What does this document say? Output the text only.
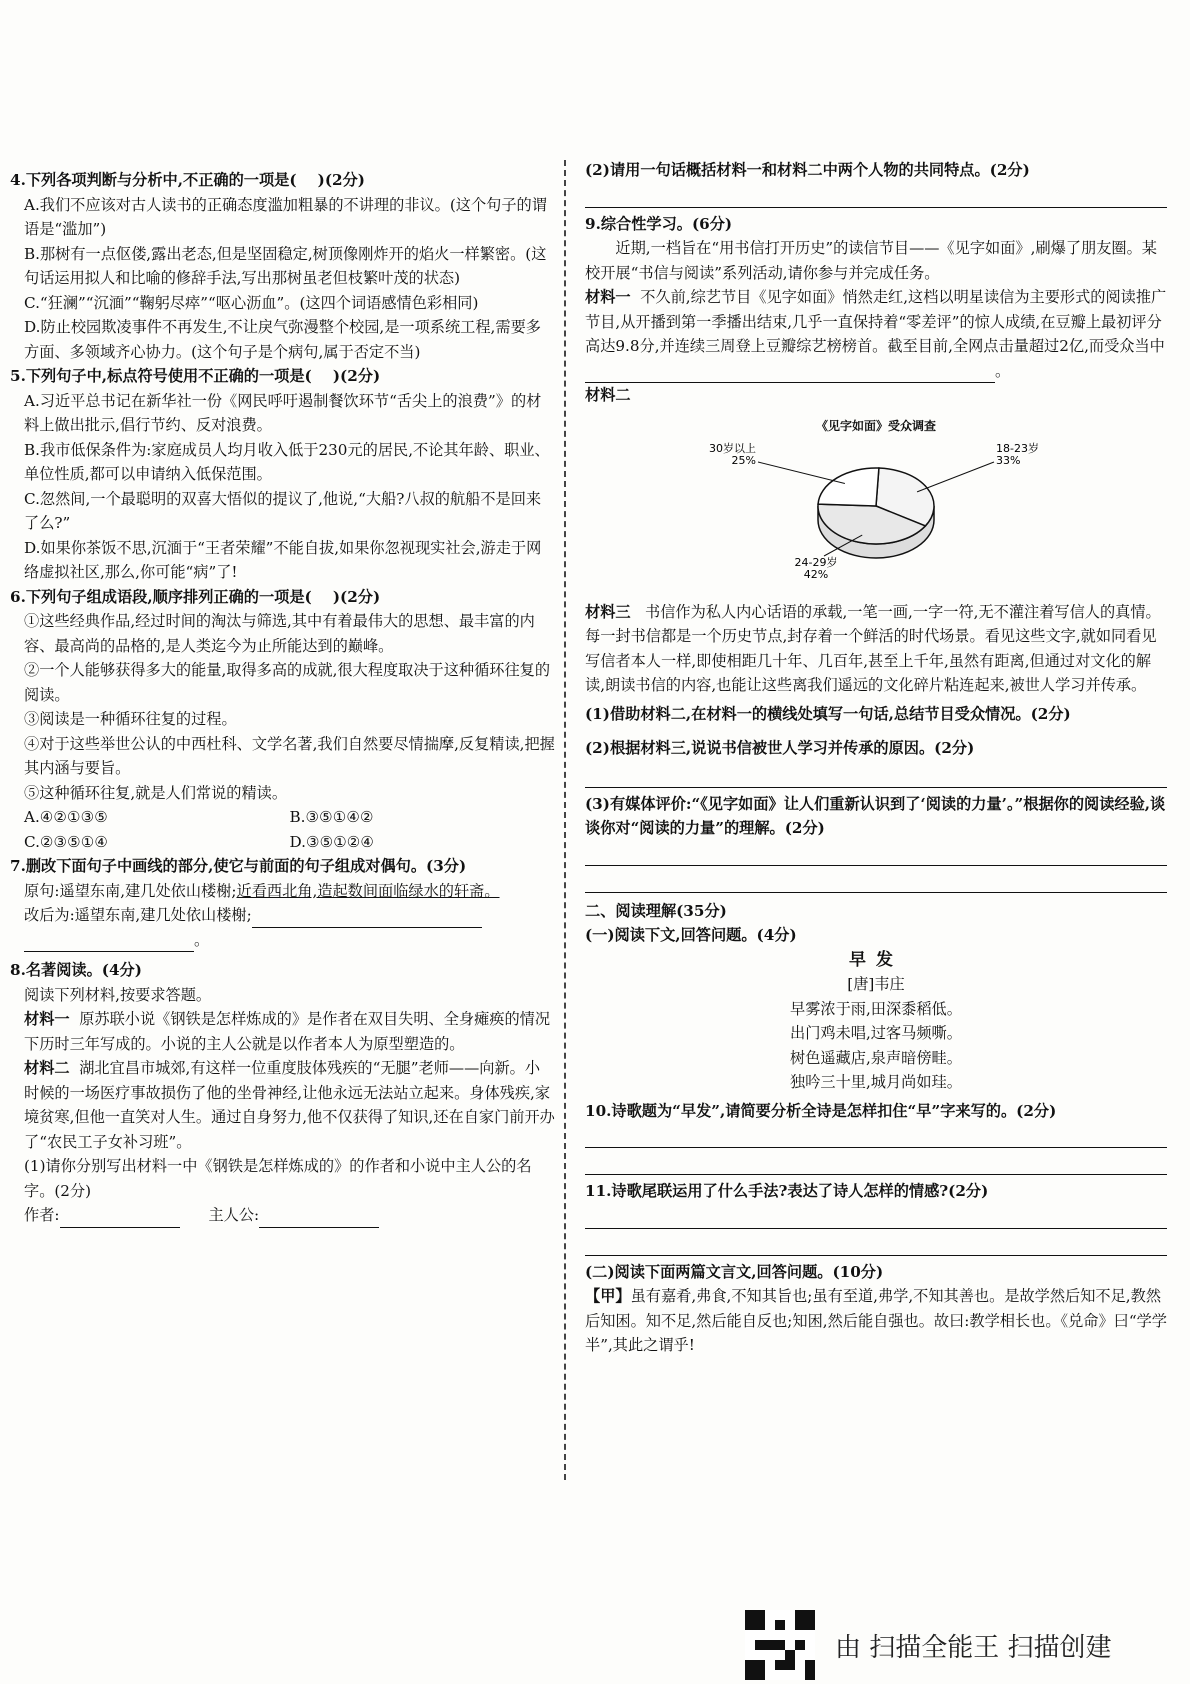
4.下列各项判断与分析中,不正确的一项是(    )(2分)

A.我们不应该对古人读书的正确态度滥加粗暴的不讲理的非议。(这个句子的谓语是“滥加”)

B.那树有一点伛偻,露出老态,但是坚固稳定,树顶像刚炸开的焰火一样繁密。(这句话运用拟人和比喻的修辞手法,写出那树虽老但枝繁叶茂的状态)

C.“狂澜”“沉湎”“鞠躬尽瘁”“呕心沥血”。(这四个词语感情色彩相同)

D.防止校园欺凌事件不再发生,不让戾气弥漫整个校园,是一项系统工程,需要多方面、多领域齐心协力。(这个句子是个病句,属于否定不当)

5.下列句子中,标点符号使用不正确的一项是(    )(2分)

A.习近平总书记在新华社一份《网民呼吁遏制餐饮环节“舌尖上的浪费”》的材料上做出批示,倡行节约、反对浪费。

B.我市低保条件为:家庭成员人均月收入低于230元的居民,不论其年龄、职业、单位性质,都可以申请纳入低保范围。

C.忽然间,一个最聪明的双喜大悟似的提议了,他说,“大船?八叔的航船不是回来了么?”

D.如果你茶饭不思,沉湎于“王者荣耀”不能自拔,如果你忽视现实社会,游走于网络虚拟社区,那么,你可能“病”了!

6.下列句子组成语段,顺序排列正确的一项是(    )(2分)

①这些经典作品,经过时间的淘汰与筛选,其中有着最伟大的思想、最丰富的内容、最高尚的品格的,是人类迄今为止所能达到的巅峰。

②一个人能够获得多大的能量,取得多高的成就,很大程度取决于这种循环往复的阅读。

③阅读是一种循环往复的过程。

④对于这些举世公认的中西杜科、文学名著,我们自然要尽情揣摩,反复精读,把握其内涵与要旨。

⑤这种循环往复,就是人们常说的精读。

A.④②①③⑤	B.③⑤①④②
C.②③⑤①④	D.③⑤①②④

7.删改下面句子中画线的部分,使它与前面的句子组成对偶句。(3分)

原句:遥望东南,建几处依山楼榭;近看西北角,造起数间面临绿水的轩斋。

改后为:遥望东南,建几处依山楼榭;

。

8.名著阅读。(4分)

阅读下列材料,按要求答题。

材料一 原苏联小说《钢铁是怎样炼成的》是作者在双目失明、全身瘫痪的情况下历时三年写成的。小说的主人公就是以作者本人为原型塑造的。

材料二 湖北宜昌市城郊,有这样一位重度肢体残疾的“无腿”老师——向新。小时候的一场医疗事故损伤了他的坐骨神经,让他永远无法站立起来。身体残疾,家境贫寒,但他一直笑对人生。通过自身努力,他不仅获得了知识,还在自家门前开办了“农民工子女补习班”。

(1)请你分别写出材料一中《钢铁是怎样炼成的》的作者和小说中主人公的名字。(2分)

作者:	主人公:

(2)请用一句话概括材料一和材料二中两个人物的共同特点。(2分)

9.综合性学习。(6分)

近期,一档旨在“用书信打开历史”的读信节目——《见字如面》,刷爆了朋友圈。某校开展“书信与阅读”系列活动,请你参与并完成任务。

材料一 不久前,综艺节目《见字如面》悄然走红,这档以明星读信为主要形式的阅读推广节目,从开播到第一季播出结束,几乎一直保持着“零差评”的惊人成绩,在豆瓣上最初评分高达9.8分,并连续三周登上豆瓣综艺榜榜首。截至目前,全网点击量超过2亿,而受众当中。

材料二

《见字如面》受众调查
18-23岁
33%
24-29岁
42%
30岁以上
25%

材料三 书信作为私人内心话语的承载,一笔一画,一字一符,无不灌注着写信人的真情。每一封书信都是一个历史节点,封存着一个鲜活的时代场景。看见这些文字,就如同看见写信者本人一样,即使相距几十年、几百年,甚至上千年,虽然有距离,但通过对文化的解读,朗读书信的内容,也能让这些离我们遥远的文化碎片粘连起来,被世人学习并传承。

(1)借助材料二,在材料一的横线处填写一句话,总结节目受众情况。(2分)

(2)根据材料三,说说书信被世人学习并传承的原因。(2分)

(3)有媒体评价:“《见字如面》让人们重新认识到了‘阅读的力量’。”根据你的阅读经验,谈谈你对“阅读的力量”的理解。(2分)

二、阅读理解(35分)

(一)阅读下文,回答问题。(4分)

早发
[唐]韦庄
早雾浓于雨,田深黍稻低。
出门鸡未唱,过客马频嘶。
树色遥藏店,泉声暗傍畦。
独吟三十里,城月尚如珪。

10.诗歌题为“早发”,请简要分析全诗是怎样扣住“早”字来写的。(2分)

11.诗歌尾联运用了什么手法?表达了诗人怎样的情感?(2分)

(二)阅读下面两篇文言文,回答问题。(10分)

【甲】虽有嘉肴,弗食,不知其旨也;虽有至道,弗学,不知其善也。是故学然后知不足,教然后知困。知不足,然后能自反也;知困,然后能自强也。故曰:教学相长也。《兑命》曰“学学半”,其此之谓乎!

由 扫描全能王 扫描创建
